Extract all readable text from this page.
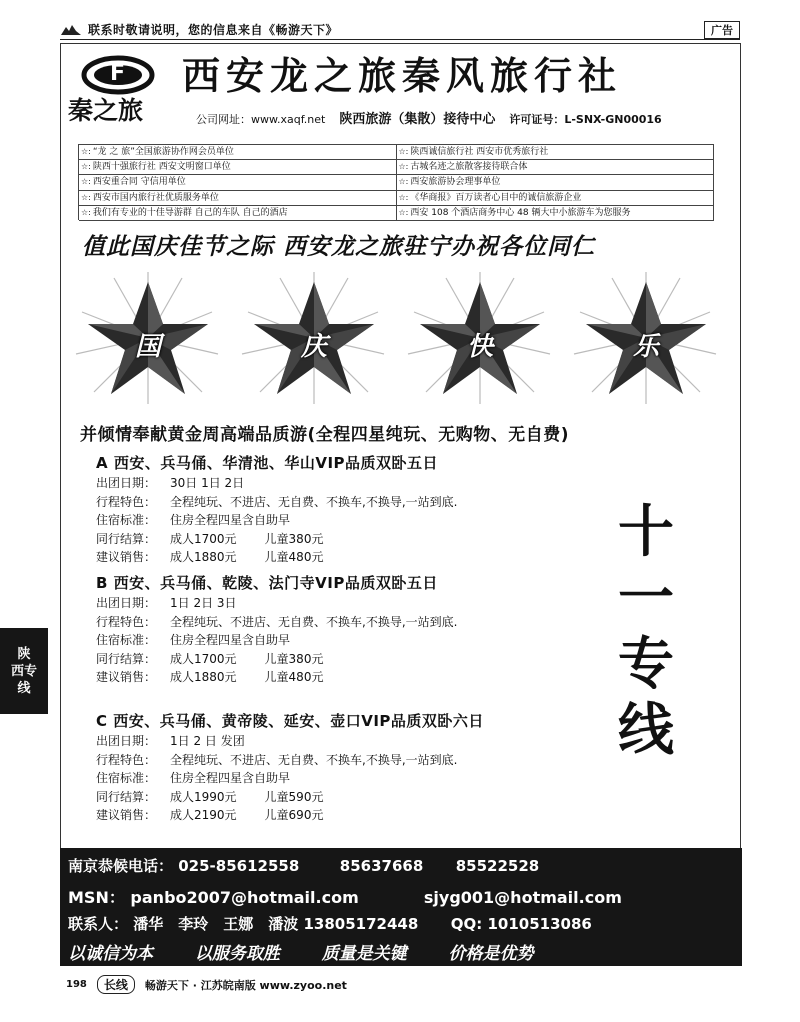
联系时敬请说明，您的信息来自《畅游天下》	广告
F
秦之旅
西安龙之旅秦风旅行社
公司网址：www.xaqf.net 陕西旅游（集散）接待中心 许可证号：L-SNX-GN00016
☆: “龙 之 旅”全国旅游协作网会员单位	☆: 陕西诚信旅行社 西安市优秀旅行社
☆: 陕西十强旅行社 西安文明窗口单位	☆: 古城名迹之旅散客接待联合体
☆: 西安重合同 守信用单位	☆: 西安旅游协会理事单位
☆: 西安市国内旅行社优质服务单位	☆: 《华商报》百万读者心目中的诚信旅游企业
☆: 我们有专业的十佳导游群 自己的车队 自己的酒店	☆: 西安 108 个酒店商务中心 48 辆大中小旅游车为您服务
值此国庆佳节之际 西安龙之旅驻宁办祝各位同仁
国	庆	快	乐
并倾情奉献黄金周高端品质游(全程四星纯玩、无购物、无自费)
A 西安、兵马俑、华清池、华山VIP品质双卧五日
出团日期：	30日 1日 2日
行程特色：	全程纯玩、不进店、无自费、不换车,不换导,一站到底.
住宿标准：	住房全程四星含自助早
同行结算：	成人1700元 儿童380元
建议销售：	成人1880元 儿童480元
B 西安、兵马俑、乾陵、法门寺VIP品质双卧五日
出团日期：	1日 2日 3日
行程特色：	全程纯玩、不进店、无自费、不换车,不换导,一站到底.
住宿标准：	住房全程四星含自助早
同行结算：	成人1700元 儿童380元
建议销售：	成人1880元 儿童480元
C 西安、兵马俑、黄帝陵、延安、壶口VIP品质双卧六日
出团日期：	1日 2 日 发团
行程特色：	全程纯玩、不进店、无自费、不换车,不换导,一站到底.
住宿标准：	住房全程四星含自助早
同行结算：	成人1990元 儿童590元
建议销售：	成人2190元 儿童690元
十
一
专
线
南京恭候电话： 025-85612558	85637668 85522528
MSN： panbo2007@hotmail.com	sjyg001@hotmail.com
联系人： 潘华　李玲　王娜　潘波 13805172448 QQ: 1010513086
以诚信为本 以服务取胜 质量是关键 价格是优势
陕
西专线
198	长线	畅游天下 · 江苏皖南版 www.zyoo.net
